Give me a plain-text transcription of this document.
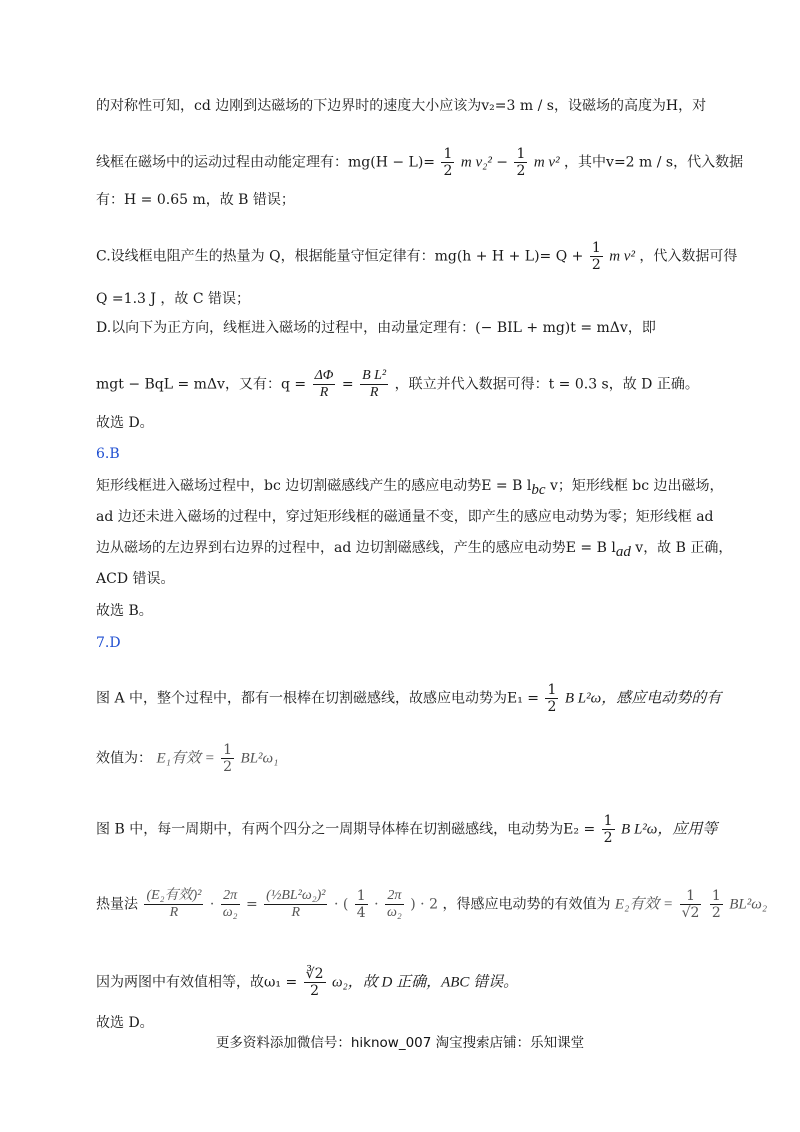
的对称性可知，cd 边刚到达磁场的下边界时的速度大小应该为v₂=3 m / s，设磁场的高度为H，对
线框在磁场中的运动过程由动能定理有：$mg(H - L)= \frac{1}{2}$ m $v_2^2 - \frac{1}{2}$ m v² ，其中v=2 m / s，代入数据
有：H = 0.65 m，故 B 错误；
C.设线框电阻产生的热量为 Q，根据能量守恒定律有：$mg(h + H + L)= Q + \frac{1}{2}$ m v² ，代入数据可得
Q =1.3 J ，故 C 错误；
D.以向下为正方向，线框进入磁场的过程中，由动量定理有：(− BIL + mg)t = mΔv，即
mgt − BqL = mΔv，又有：$q = \frac{\Delta\Phi}{R} = \frac{\text{B L²}}{R}$ ，联立并代入数据可得：t = 0.3 s，故 D 正确。
故选 D。
6.B
矩形线框进入磁场过程中，bc 边切割磁感线产生的感应电动势E = B $l_{bc}$ v；矩形线框 bc 边出磁场，
ad 边还未进入磁场的过程中，穿过矩形线框的磁通量不变，即产生的感应电动势为零；矩形线框 ad
边从磁场的左边界到右边界的过程中，ad 边切割磁感线，产生的感应电动势E = B $l_{ad}$ v，故 B 正确，
ACD 错误。
故选 B。
7.D
图 A 中，整个过程中，都有一根棒在切割磁感线，故感应电动势为$E_1 = \frac{1}{2}$ B L²ω，感应电动势的有
效值为： E₁有效 = $\frac{1}{2} BL^2\omega_1$
图 B 中，每一周期中，有两个四分之一周期导体棒在切割磁感线，电动势为$E_2 = \frac{1}{2}$ B L²ω，应用等
热量法 $\frac{\text{(E₂有效)²}}{R} \cdot \frac{2\pi}{\text{ω₂}} = \frac{\text{(½BL²ω₂)²}}{R}$ · ( $\frac{1}{4} \cdot \frac{2\pi}{\text{ω₂}}$ ) · 2 ，得感应电动势的有效值为 E₂有效 = $\frac{1}{√2}$
$\frac{1}{2} BL^2\omega_2$
因为两图中有效值相等，故$\omega_1 = \frac{∛2}{2} \omega_2$，故 D 正确，ABC 错误。
故选 D。
更多资料添加微信号：hiknow_007 淘宝搜索店铺：乐知课堂
